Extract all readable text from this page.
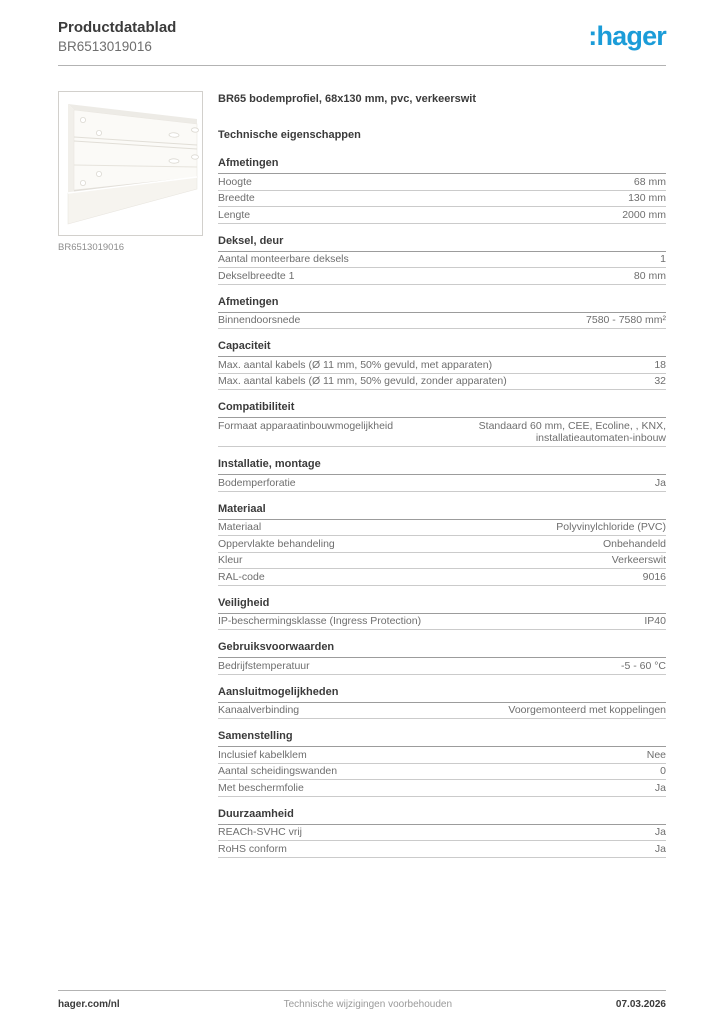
Productdatablad
BR6513019016	:hager
BR6513019016
BR65 bodemprofiel, 68x130 mm, pvc, verkeerswit
Technische eigenschappen
Afmetingen
Hoogte	68 mm
Breedte	130 mm
Lengte	2000 mm
Deksel, deur
Aantal monteerbare deksels	1
Dekselbreedte 1	80 mm
Afmetingen
Binnendoorsnede	7580 - 7580 mm²
Capaciteit
Max. aantal kabels (Ø 11 mm, 50% gevuld, met apparaten)	18
Max. aantal kabels (Ø 11 mm, 50% gevuld, zonder apparaten)	32
Compatibiliteit
Formaat apparaatinbouwmogelijkheid	Standaard 60 mm, CEE, Ecoline, , KNX, installatieautomaten-inbouw
Installatie, montage
Bodemperforatie	Ja
Materiaal
Materiaal	Polyvinylchloride (PVC)
Oppervlakte behandeling	Onbehandeld
Kleur	Verkeerswit
RAL-code	9016
Veiligheid
IP-beschermingsklasse (Ingress Protection)	IP40
Gebruiksvoorwaarden
Bedrijfstemperatuur	-5 - 60 °C
Aansluitmogelijkheden
Kanaalverbinding	Voorgemonteerd met koppelingen
Samenstelling
Inclusief kabelklem	Nee
Aantal scheidingswanden	0
Met beschermfolie	Ja
Duurzaamheid
REACh-SVHC vrij	Ja
RoHS conform	Ja
hager.com/nl	Technische wijzigingen voorbehouden	07.03.2026
